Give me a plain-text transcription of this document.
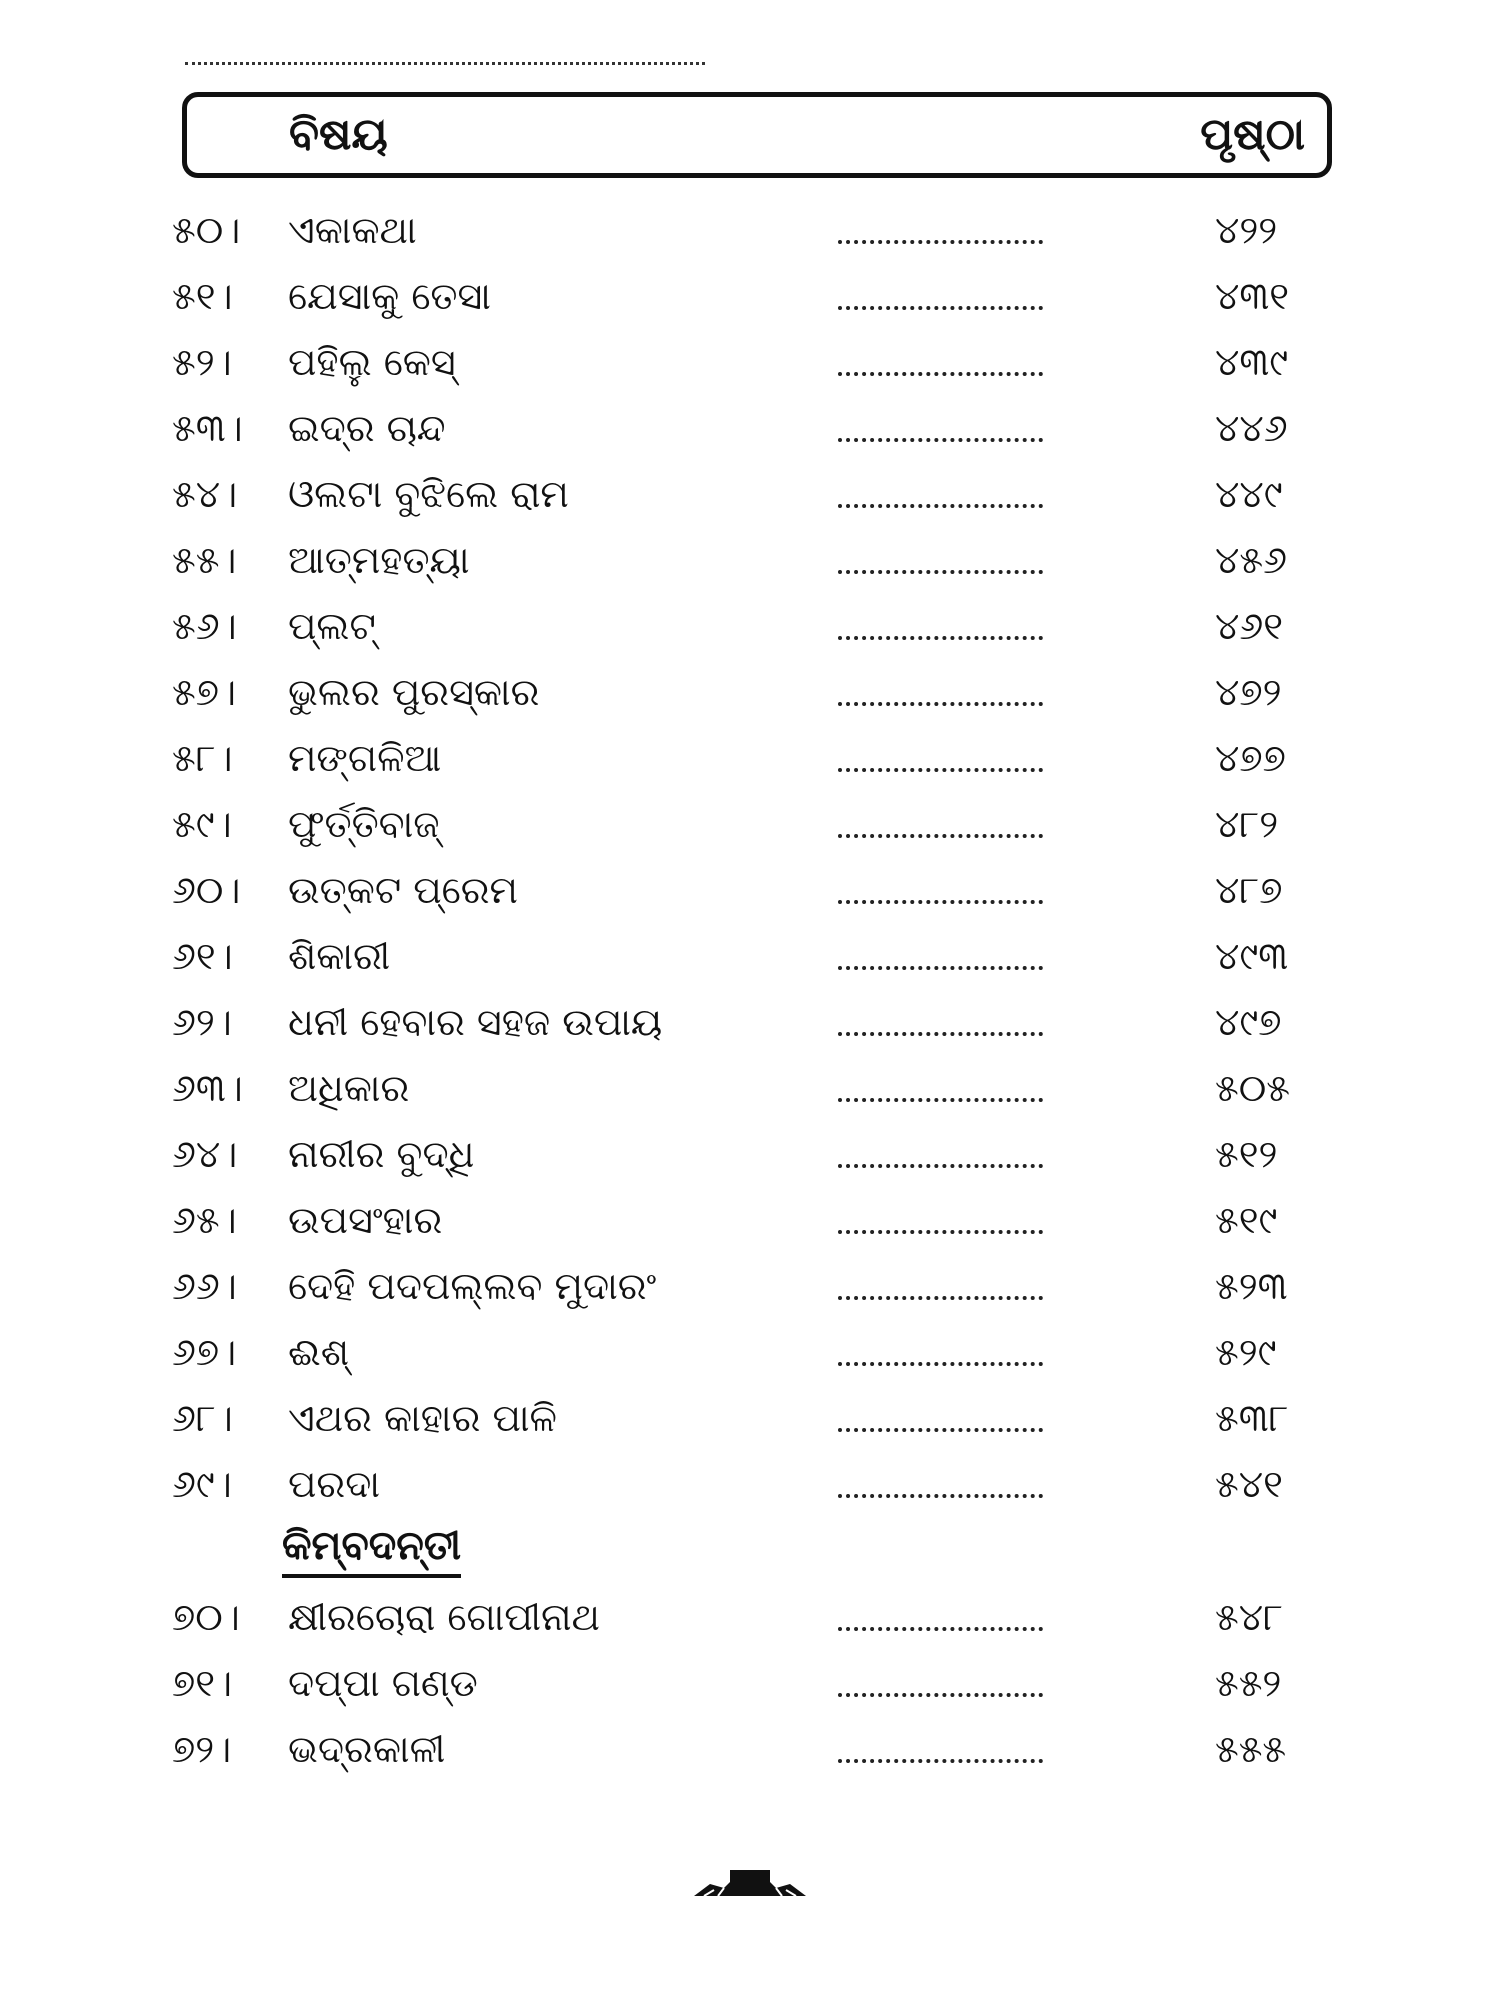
ବିଷୟ	ପୃଷ୍ଠା
୫୦।	ଏକାକଥା	୪୨୨
୫୧।	ଯେସାକୁ ତେସା	୪୩୧
୫୨।	ପହିଲୁ କେସ୍	୪୩୯
୫୩।	ଇଦ୍‌ର ଚାନ୍ଦ	୪୪୬
୫୪।	ଓଲଟା ବୁଝିଲେ ରାମ	୪୪୯
୫୫।	ଆତ୍ମହତ୍ୟା	୪୫୬
୫୬।	ପ୍ଲଟ୍	୪୬୧
୫୭।	ଭୁଲର ପୁରସ୍କାର	୪୭୨
୫୮।	ମଙ୍ଗଳିଆ	୪୭୭
୫୯।	ଫୁର୍ତ୍ତିବାଜ୍	୪୮୨
୬୦।	ଉତ୍କଟ ପ୍ରେମ	୪୮୭
୬୧।	ଶିକାରୀ	୪୯୩
୬୨।	ଧନୀ ହେବାର ସହଜ ଉପାୟ	୪୯୭
୬୩।	ଅଧିକାର	୫୦୫
୬୪।	ନାରୀର ବୁଦ୍ଧି	୫୧୨
୬୫।	ଉପସଂହାର	୫୧୯
୬୬।	ଦେହି ପଦପଲ୍ଲବ ମୁଦାରଂ	୫୨୩
୬୭।	ଈଶ୍	୫୨୯
୬୮।	ଏଥର କାହାର ପାଳି	୫୩୮
୬୯।	ପରଦା	୫୪୧
କିମ୍ବଦନ୍ତୀ
୭୦।	କ୍ଷୀରଚୋରା ଗୋପୀନାଥ	୫୪୮
୭୧।	ଦପ୍‌ପା ଗଣ୍ଡ	୫୫୨
୭୨।	ଭଦ୍ରକାଳୀ	୫୫୫
